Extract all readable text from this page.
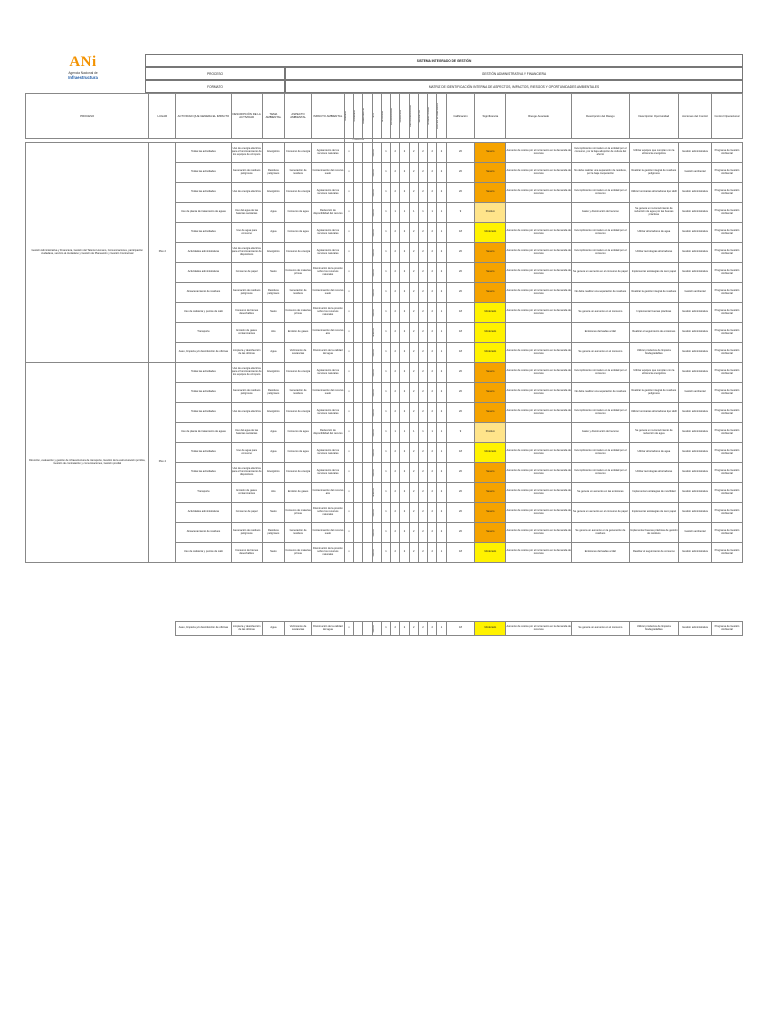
ANi
Agencia Nacional de
Infraestructura
SISTEMA INTEGRADO DE GESTIÓN
PROCESO	GESTIÓN ADMINISTRATIVA Y FINANCIERA
FORMATO	MATRIZ DE IDENTIFICACIÓN INTERNA DE ASPECTOS, IMPACTOS, RIESGOS Y OPORTUNIDADES AMBIENTALES
PROCESO	LUGAR	ACTIVIDAD QUE GENERA EL IMPACTO	DESCRIPCIÓN DE LA ACTIVIDAD	TEMA AMBIENTAL	ASPECTO AMBIENTAL	IMPACTO AMBIENTAL	NORMAL	ANORMAL	EMERGENCIA	TIPO	ALCANCE	PROBABILIDAD	DURACIÓN	RECUPERABILIDAD	MAGNITUD	NORMATIVIDAD	PARTES INTERESADAS	Calificación	Significancia	Riesgo Asociado	Descripción del Riesgo	Descripción Oportunidad	Acciones del Control	Control Operacional
							CONDICIÓN																	
Gestión Administrativa y Financiera, Gestión del Talento Humano, Comunicaciones, participación ciudadana, servicio al ciudadano y Gestión de Planeación y Gestión Contractual	Piso 2	Todas las actividades	Uso de energía eléctrica para el funcionamiento de los equipos de cómputo	Energético	Consumo de energía	Agotamiento de los recursos naturales	x			Directo	1	2	2	2	2	2	2	20	Severo	Aumento de costos por el incremento en la demanda de recursos	Incumplimiento normativo en la entidad por el consumo, por la baja adopción de cultura del ahorro	Utilizar equipos que cumplan con la eficiencia energética	Gestión administrativa	Programa de Gestión Ambiental
		Todas las actividades	Generación de residuos peligrosos	Residuos peligrosos	Generación de residuos	Contaminación del recurso suelo	x			Directo	1	2	2	2	2	2	2	20	Severo	Aumento de costos por el incremento en la demanda de recursos	No debe realizar una separación de residuos, por la baja cooperación	Realizar la gestión integral de residuos peligrosos	Gestión ambiental	Programa de Gestión Ambiental
		Todas las actividades	Uso de energía eléctrica	Energético	Consumo de energía	Agotamiento de los recursos naturales	x			Directo	1	2	2	2	2	2	2	20	Severo	Aumento de costos por el incremento en la demanda de recursos	Incumplimiento normativo en la entidad por el consumo	Utilizar luminarias ahorradoras tipo LED	Gestión administrativa	Programa de Gestión Ambiental
		Uso de planta de tratamiento de aguas	Uso del agua de las baterías sanitarias	Agua	Consumo de agua	Reducción de disponibilidad del recurso	x			Directo	1	1	1	1	1	1	1	9	Positivo		Gasto y disminución del recurso	Se genera un reconocimiento de reducción de agua por las buenas prácticas	Gestión administrativa	Programa de Gestión Ambiental
		Todas las actividades	Uso de agua para consumo	Agua	Consumo de agua	Agotamiento de los recursos naturales	x			Directo	1	2	2	2	2	2	1	18	Moderado	Aumento de costos por el incremento en la demanda de recursos	Incumplimiento normativo en la entidad por el consumo	Utilizar ahorradores de agua	Gestión administrativa	Programa de Gestión Ambiental
		Actividades administrativas	Uso de energía eléctrica para el funcionamiento de dispositivos	Energético	Consumo de energía	Agotamiento de los recursos naturales	x			Directo	1	2	2	2	2	2	2	20	Severo	Aumento de costos por el incremento en la demanda de recursos	Incumplimiento normativo en la entidad por el consumo	Utilizar tecnologías ahorradoras	Gestión administrativa	Programa de Gestión Ambiental
		Actividades administrativas	Consumo de papel	Suelo	Consumo de materias primas	Disminución de la presión sobre los recursos naturales	x			Directo	1	2	2	2	2	2	2	20	Severo	Aumento de costos por el incremento en la demanda de recursos	Se genera un aumento en el consumo de papel	Implementar estrategias de cero papel	Gestión administrativa	Programa de Gestión Ambiental
		Almacenamiento de residuos	Generación de residuos peligrosos	Residuos peligrosos	Generación de residuos	Contaminación del recurso suelo	x			Directo	1	2	2	2	2	2	2	20	Severo	Aumento de costos por el incremento en la demanda de recursos	No debe realizar una separación de residuos	Realizar la gestión integral de residuos	Gestión ambiental	Programa de Gestión Ambiental
		Uso de cafetería y puntos de café	Consumo de bienes desechables	Suelo	Consumo de materias primas	Disminución de la presión sobre los recursos naturales	x			Directo	1	2	2	2	2	2	1	18	Moderado	Aumento de costos por el incremento en la demanda de recursos	Se genera un aumento en el consumo	Implementar buenas prácticas	Gestión administrativa	Programa de Gestión Ambiental
		Transporte	Emisión de gases contaminantes	Aire	Emisión de gases	Contaminación del recurso aire	x			Indirecto	1	2	2	2	2	2	1	18	Moderado		Emisiones derivadas a GEI	Realizar el seguimiento de emisiones	Gestión administrativa	Programa de Gestión Ambiental
		Aseo, limpieza y/o desinfección de oficinas	Limpieza y desinfección de las oficinas	Agua	Vertimiento de sustancias	Disminución de la calidad del agua	x			Directo	1	2	2	2	2	2	1	18	Moderado	Aumento de costos por el incremento en la demanda de recursos	Se genera un aumento en el consumo	Utilizar productos de limpieza biodegradables	Gestión administrativa	Programa de Gestión Ambiental
Dirección, evaluación y gestión de infraestructura de transporte, Gestión de la estructuración jurídica, Gestión de contratación y comunicaciones, Gestión predial	Piso 4	Todas las actividades	Uso de energía eléctrica para el funcionamiento de los equipos de cómputo	Energético	Consumo de energía	Agotamiento de los recursos naturales	x			Directo	1	2	2	2	2	2	2	20	Severo	Aumento de costos por el incremento en la demanda de recursos	Incumplimiento normativo en la entidad por el consumo	Utilizar equipos que cumplan con la eficiencia energética	Gestión administrativa	Programa de Gestión Ambiental
		Todas las actividades	Generación de residuos peligrosos	Residuos peligrosos	Generación de residuos	Contaminación del recurso suelo	x			Directo	1	2	2	2	2	2	2	20	Severo	Aumento de costos por el incremento en la demanda de recursos	No debe realizar una separación de residuos	Realizar la gestión integral de residuos peligrosos	Gestión ambiental	Programa de Gestión Ambiental
		Todas las actividades	Uso de energía eléctrica	Energético	Consumo de energía	Agotamiento de los recursos naturales	x			Directo	1	2	2	2	2	2	2	20	Severo	Aumento de costos por el incremento en la demanda de recursos	Incumplimiento normativo en la entidad por el consumo	Utilizar luminarias ahorradoras tipo LED	Gestión administrativa	Programa de Gestión Ambiental
		Uso de planta de tratamiento de aguas	Uso del agua de las baterías sanitarias	Agua	Consumo de agua	Reducción de disponibilidad del recurso	x			Directo	1	1	1	1	1	1	1	9	Positivo		Gasto y disminución del recurso	Se genera un reconocimiento de reducción de agua	Gestión administrativa	Programa de Gestión Ambiental
		Todas las actividades	Uso de agua para consumo	Agua	Consumo de agua	Agotamiento de los recursos naturales	x			Directo	1	2	2	2	2	2	1	18	Moderado	Aumento de costos por el incremento en la demanda de recursos	Incumplimiento normativo en la entidad por el consumo	Utilizar ahorradores de agua	Gestión administrativa	Programa de Gestión Ambiental
		Todas las actividades	Uso de energía eléctrica para el funcionamiento de dispositivos	Energético	Consumo de energía	Agotamiento de los recursos naturales	x			Directo	1	2	2	2	2	2	2	20	Severo	Aumento de costos por el incremento en la demanda de recursos	Incumplimiento normativo en la entidad por el consumo	Utilizar tecnologías ahorradoras	Gestión administrativa	Programa de Gestión Ambiental
		Transporte	Emisión de gases contaminantes	Aire	Emisión de gases	Contaminación del recurso aire	x			Indirecto	1	2	2	2	2	2	2	20	Severo	Aumento de costos por el incremento en la demanda de recursos	Se genera un aumento en las emisiones	Implementar estrategias de movilidad	Gestión administrativa	Programa de Gestión Ambiental
		Actividades administrativas	Consumo de papel	Suelo	Consumo de materias primas	Disminución de la presión sobre los recursos naturales	x			Directo	1	2	2	2	2	2	2	20	Severo	Aumento de costos por el incremento en la demanda de recursos	Se genera un aumento en el consumo de papel	Implementar estrategias de cero papel	Gestión administrativa	Programa de Gestión Ambiental
		Almacenamiento de residuos	Generación de residuos peligrosos	Residuos peligrosos	Generación de residuos	Contaminación del recurso suelo	x			Directo	1	2	2	2	2	2	2	20	Severo	Aumento de costos por el incremento en la demanda de recursos	Se genera un aumento en la generación de residuos	Implementar buenas prácticas de gestión de residuos	Gestión ambiental	Programa de Gestión Ambiental
		Uso de cafetería y puntos de café	Consumo de bienes desechables	Suelo	Consumo de materias primas	Disminución de la presión sobre los recursos naturales	x			Directo	1	2	2	2	2	2	1	18	Moderado	Aumento de costos por el incremento en la demanda de recursos	Emisiones derivadas a GEI	Realizar el seguimiento de consumo	Gestión administrativa	Programa de Gestión Ambiental

		Aseo, limpieza y/o desinfección de oficinas	Limpieza y desinfección de las oficinas	Agua	Vertimiento de sustancias	Disminución de la calidad del agua	x			Directo	1	2	2	2	2	2	1	18	Moderado	Aumento de costos por el incremento en la demanda de recursos	Se genera un aumento en el consumo	Utilizar productos de limpieza biodegradables	Gestión administrativa	Programa de Gestión Ambiental
